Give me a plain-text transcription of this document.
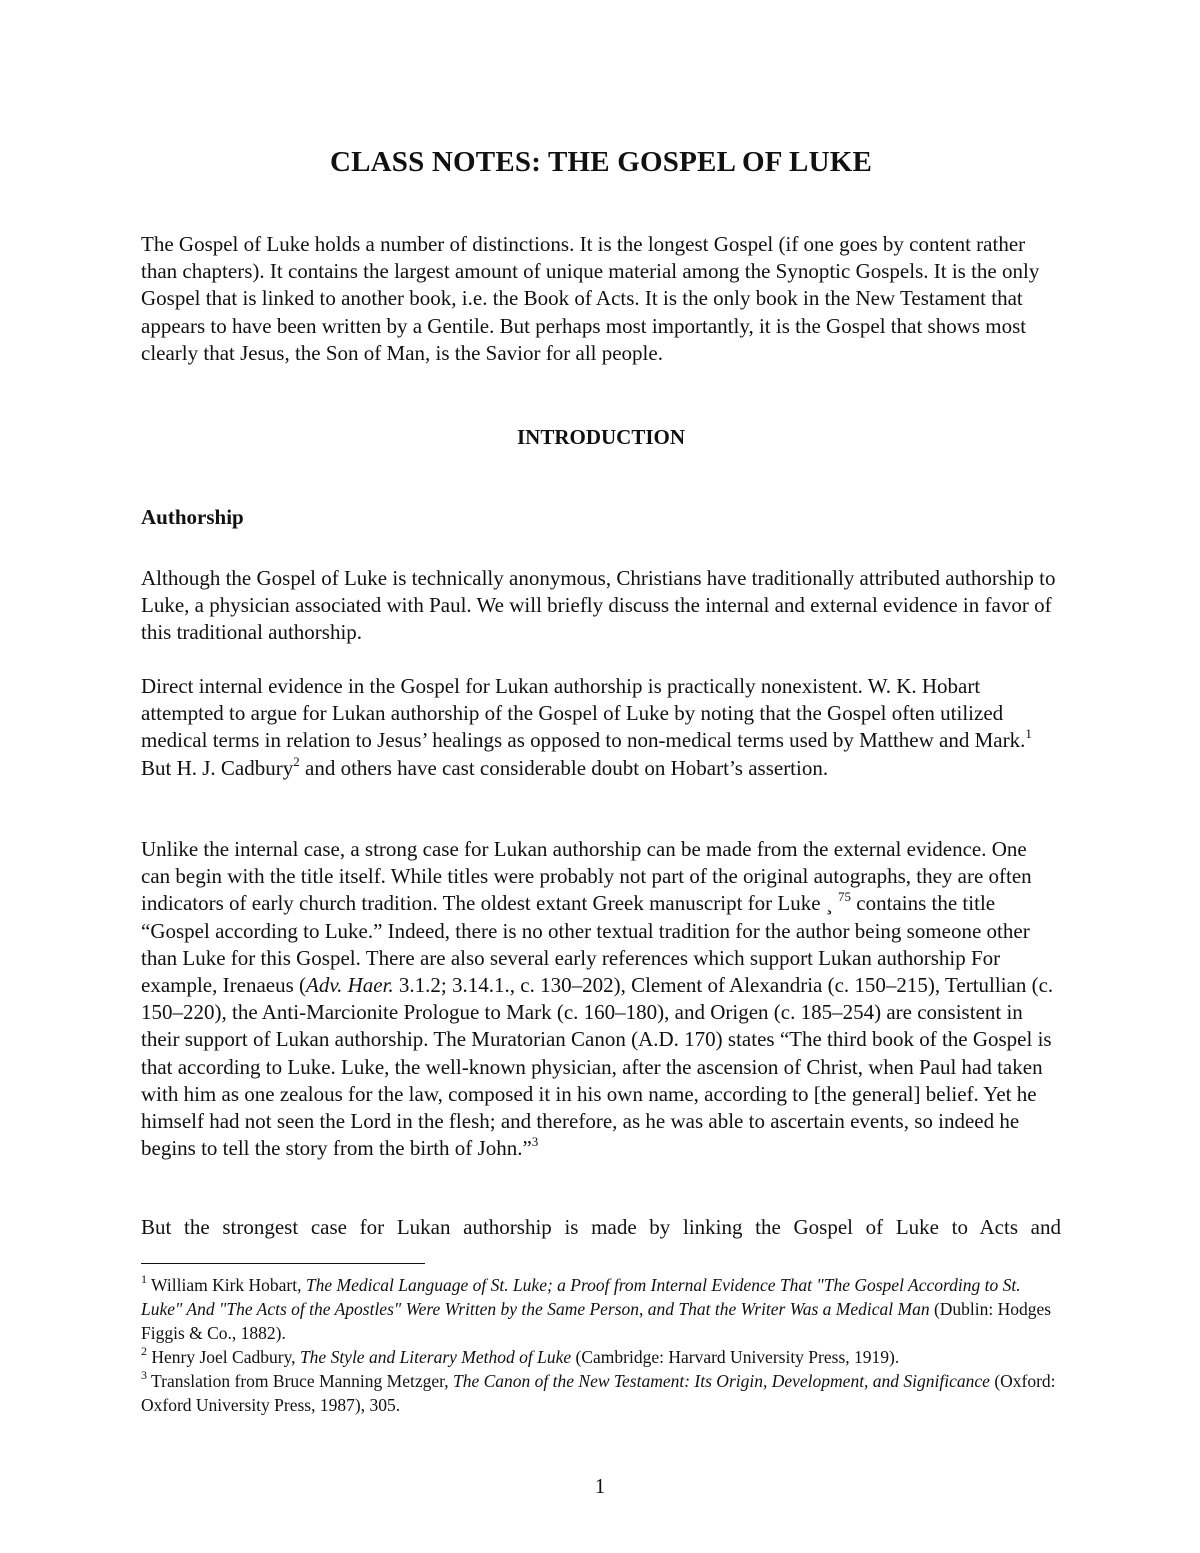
CLASS NOTES: THE GOSPEL OF LUKE

The Gospel of Luke holds a number of distinctions. It is the longest Gospel (if one goes by content rather than chapters). It contains the largest amount of unique material among the Synoptic Gospels. It is the only Gospel that is linked to another book, i.e. the Book of Acts. It is the only book in the New Testament that appears to have been written by a Gentile. But perhaps most importantly, it is the Gospel that shows most clearly that Jesus, the Son of Man, is the Savior for all people.

INTRODUCTION
Authorship

Although the Gospel of Luke is technically anonymous, Christians have traditionally attributed authorship to Luke, a physician associated with Paul. We will briefly discuss the internal and external evidence in favor of this traditional authorship.

Direct internal evidence in the Gospel for Lukan authorship is practically nonexistent. W. K. Hobart attempted to argue for Lukan authorship of the Gospel of Luke by noting that the Gospel often utilized medical terms in relation to Jesus’ healings as opposed to non-medical terms used by Matthew and Mark.$^1$ But H. J. Cadbury$^2$ and others have cast considerable doubt on Hobart’s assertion.

Unlike the internal case, a strong case for Lukan authorship can be made from the external evidence. One can begin with the title itself. While titles were probably not part of the original autographs, they are often indicators of early church tradition. The oldest extant Greek manuscript for Luke ¸ $^{75}$ contains the title “Gospel according to Luke.” Indeed, there is no other textual tradition for the author being someone other than Luke for this Gospel. There are also several early references which support Lukan authorship For example, Irenaeus (Adv. Haer. 3.1.2; 3.14.1., c. 130–202), Clement of Alexandria (c. 150–215), Tertullian (c. 150–220), the Anti-Marcionite Prologue to Mark (c. 160–180), and Origen (c. 185–254) are consistent in their support of Lukan authorship. The Muratorian Canon (A.D. 170) states “The third book of the Gospel is that according to Luke. Luke, the well-known physician, after the ascension of Christ, when Paul had taken with him as one zealous for the law, composed it in his own name, according to [the general] belief. Yet he himself had not seen the Lord in the flesh; and therefore, as he was able to ascertain events, so indeed he begins to tell the story from the birth of John.”$^3$

But the strongest case for Lukan authorship is made by linking the Gospel of Luke to Acts and

$^1$ William Kirk Hobart, The Medical Language of St. Luke; a Proof from Internal Evidence That "The Gospel According to St. Luke" And "The Acts of the Apostles" Were Written by the Same Person, and That the Writer Was a Medical Man (Dublin: Hodges Figgis & Co., 1882).

$^2$ Henry Joel Cadbury, The Style and Literary Method of Luke (Cambridge: Harvard University Press, 1919).

$^3$ Translation from Bruce Manning Metzger, The Canon of the New Testament: Its Origin, Development, and Significance (Oxford: Oxford University Press, 1987), 305.

1
